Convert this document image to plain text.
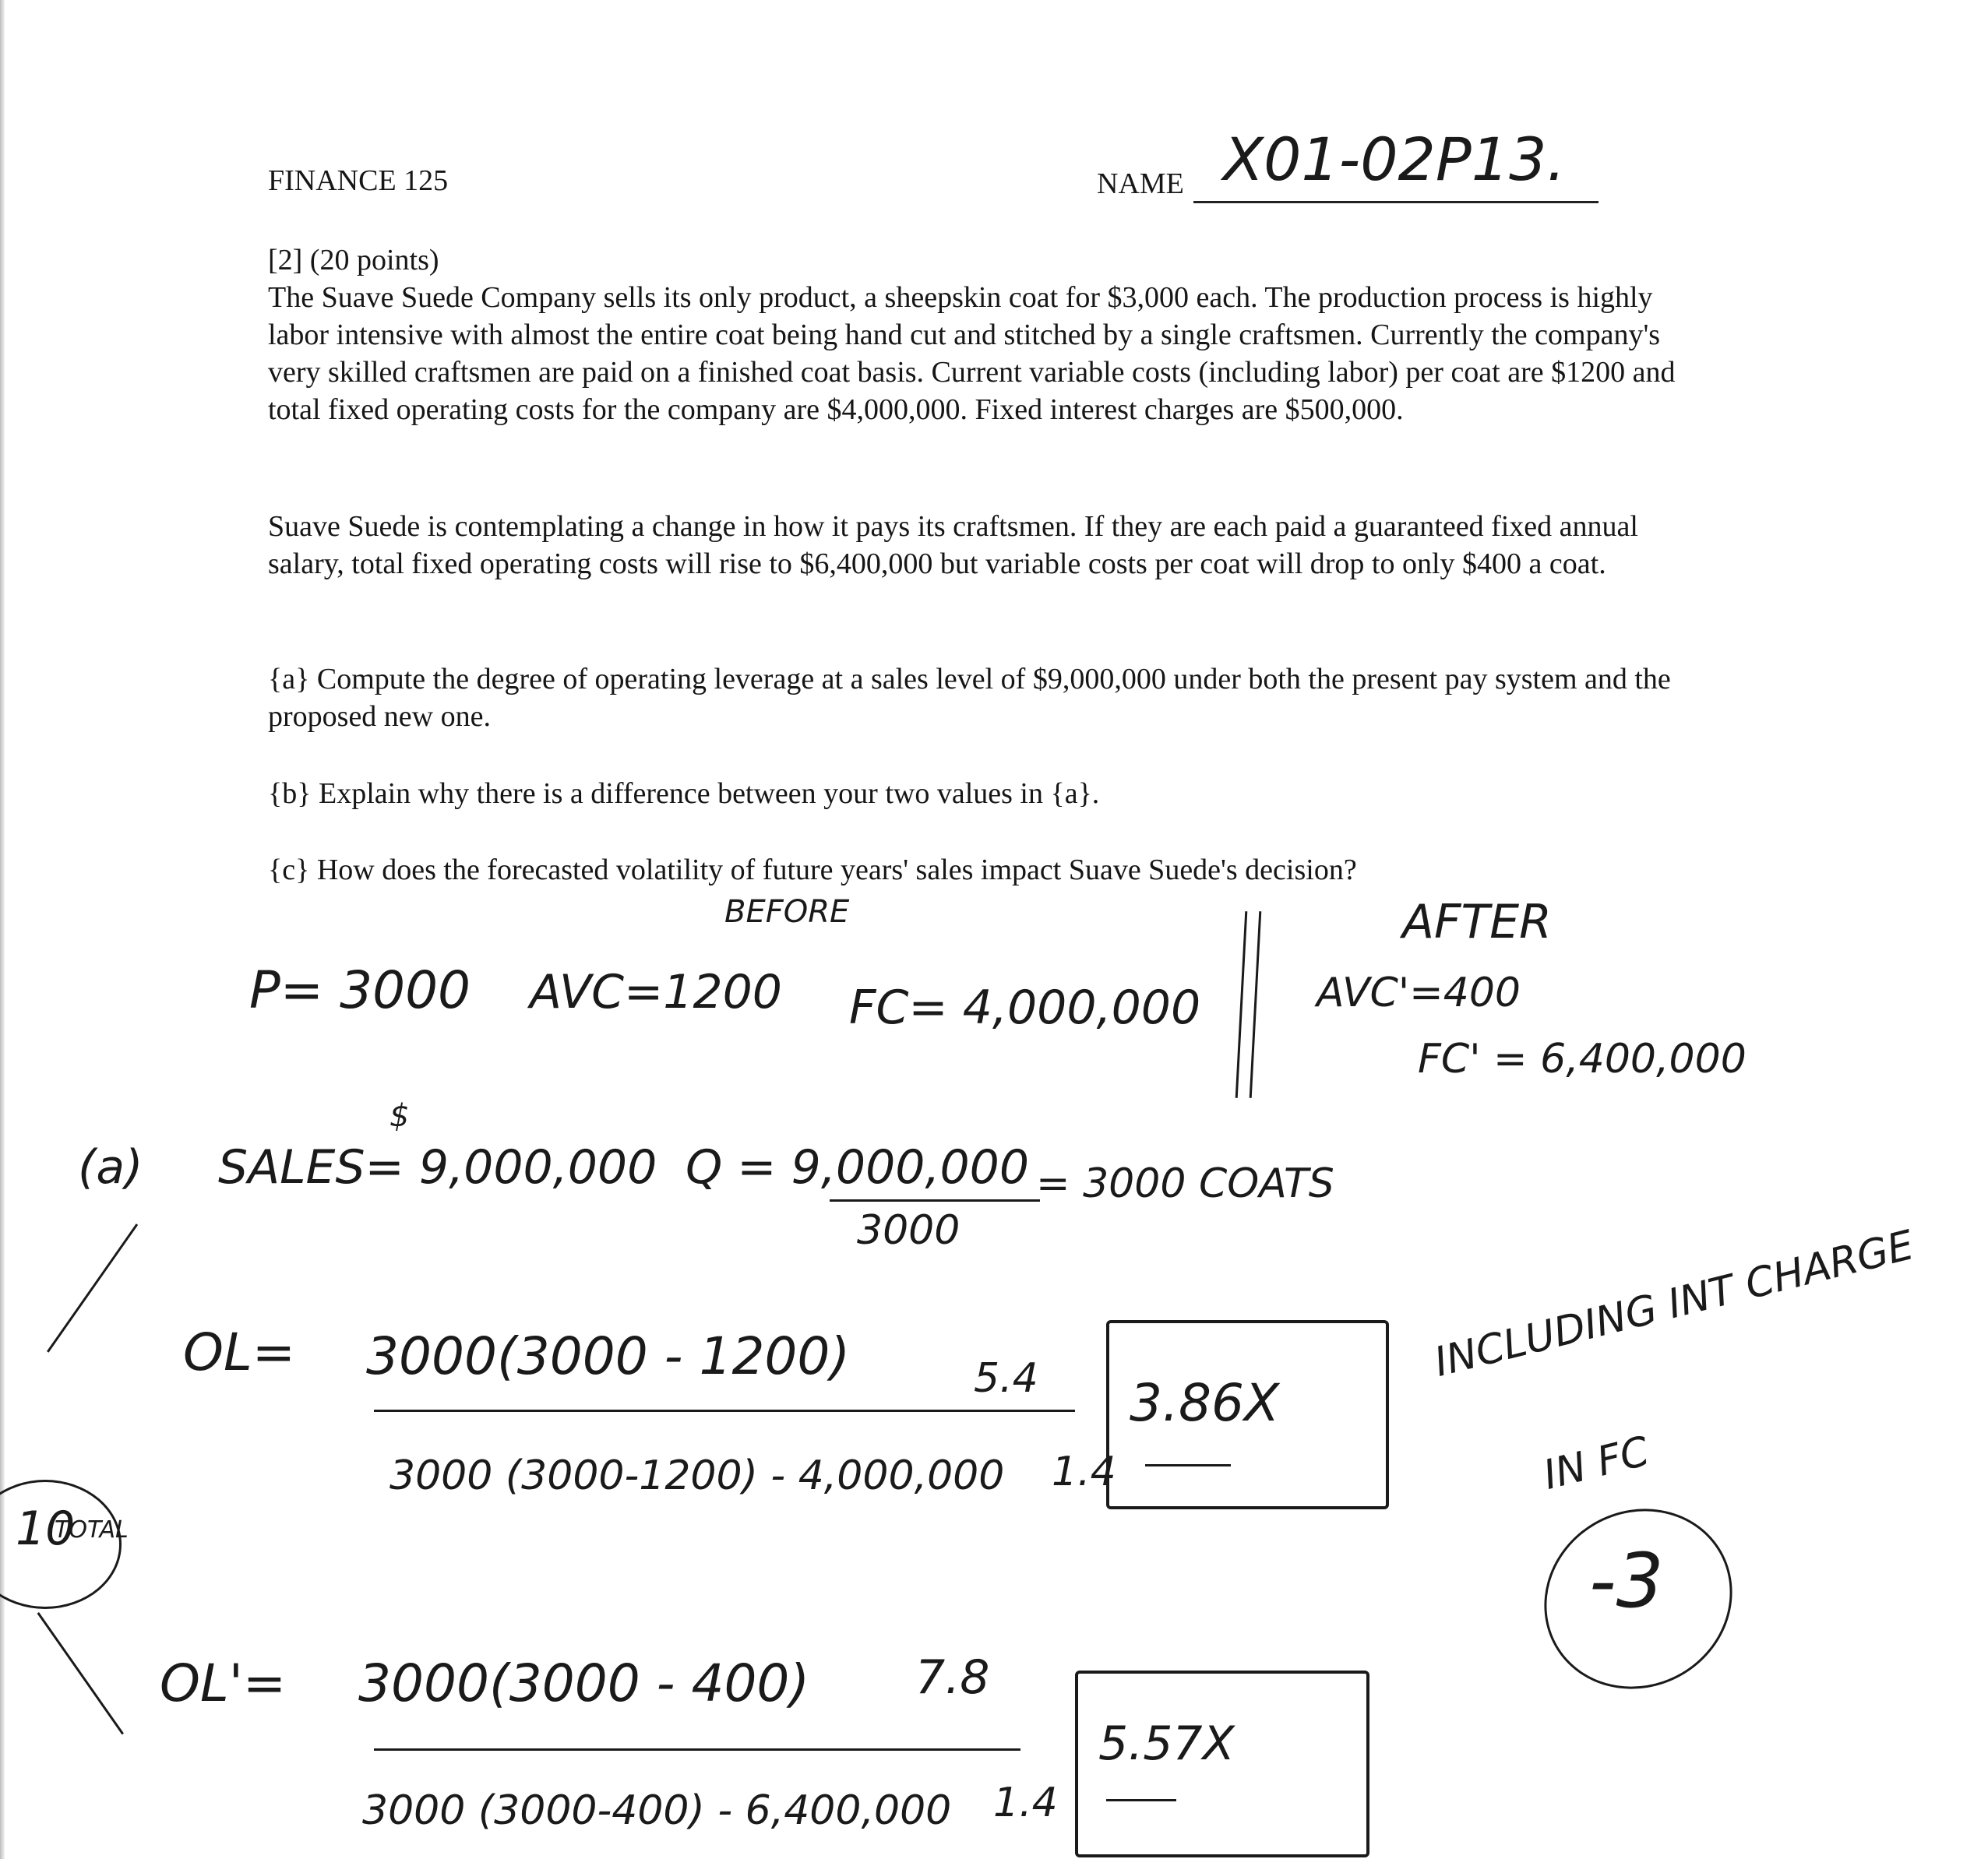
FINANCE 125	NAME X01-02P13.
[2] (20 points)
The Suave Suede Company sells its only product, a sheepskin coat for $3,000 each. The production process is highly labor intensive with almost the entire coat being hand cut and stitched by a single craftsmen. Currently the company's very skilled craftsmen are paid on a finished coat basis. Current variable costs (including labor) per coat are $1200 and total fixed operating costs for the company are $4,000,000. Fixed interest charges are $500,000.
Suave Suede is contemplating a change in how it pays its craftsmen. If they are each paid a guaranteed fixed annual salary, total fixed operating costs will rise to $6,400,000 but variable costs per coat will drop to only $400 a coat.
{a} Compute the degree of operating leverage at a sales level of $9,000,000 under both the present pay system and the proposed new one.
{b} Explain why there is a difference between your two values in {a}.
{c} How does the forecasted volatility of future years' sales impact Suave Suede's decision?
BEFORE	AFTER
P= 3000 AVC=1200 FC= 4,000,000	AVC'=400
FC' = 6,400,000
$
(a) SALES= 9,000,000 Q = 9,000,000
3000
= 3000 COATS
OL= 3000(3000 - 1200)
3000 (3000-1200) - 4,000,000
5.4
1.4
3.86X
OL'= 3000(3000 - 400)
3000 (3000-400) - 6,400,000
7.8
1.4
5.57X
INCLUDING INT CHARGE
IN FC
-3
10
TOTAL
